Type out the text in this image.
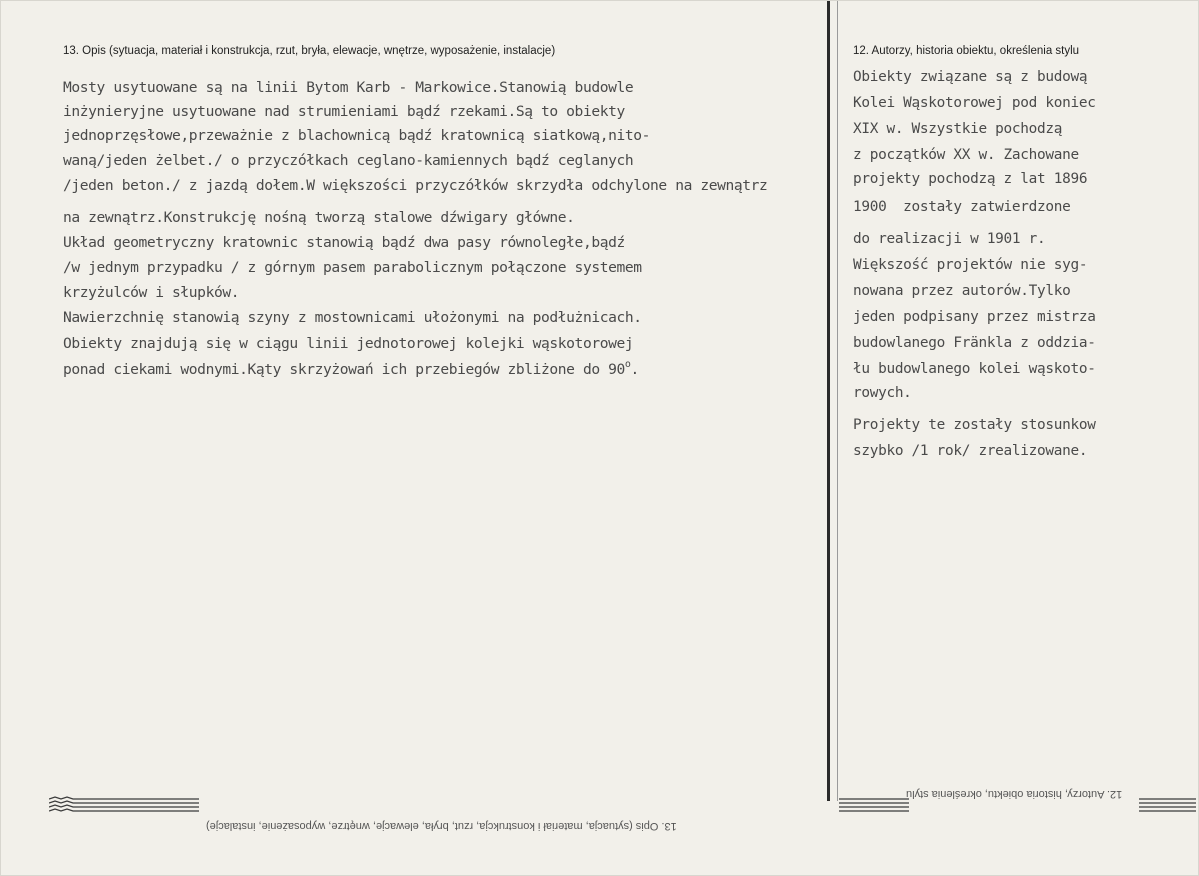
13. Opis (sytuacja, materiał i konstrukcja, rzut, bryła, elewacje, wnętrze, wyposażenie, instalacje)	12. Autorzy, historia obiektu, określenia stylu

Mosty usytuowane są na linii Bytom Karb - Markowice.Stanowią budowle

inżynieryjne usytuowane nad strumieniami bądź rzekami.Są to obiekty

jednoprzęsłowe,przeważnie z blachownicą bądź kratownicą siatkową,nito-

waną/jeden żelbet./ o przyczółkach ceglano-kamiennych bądź ceglanych

/jeden beton./ z jazdą dołem.W większości przyczółków skrzydła odchylone na zewnątrz

na zewnątrz.Konstrukcję nośną tworzą stalowe dźwigary główne.

Układ geometryczny kratownic stanowią bądź dwa pasy równoległe,bądź

/w jednym przypadku / z górnym pasem parabolicznym połączone systemem

krzyżulców i słupków.

Nawierzchnię stanowią szyny z mostownicami ułożonymi na podłużnicach.

Obiekty znajdują się w ciągu linii jednotorowej kolejki wąskotorowej

ponad ciekami wodnymi.Kąty skrzyżowań ich przebiegów zbliżone do 90$^o$.

Obiekty związane są z budową

Kolei Wąskotorowej pod koniec

XIX w. Wszystkie pochodzą

z początków XX w. Zachowane

projekty pochodzą z lat 1896

1900  zostały zatwierdzone

do realizacji w 1901 r.

Większość projektów nie syg-

nowana przez autorów.Tylko

jeden podpisany przez mistrza

budowlanego Fränkla z oddzia-

łu budowlanego kolei wąskoto-

rowych.

Projekty te zostały stosunkow

szybko /1 rok/ zrealizowane.

13. Opis (sytuacja, materiał i konstrukcja, rzut, bryła, elewacje, wnętrze, wyposażenie, instalacje)
12. Autorzy, historia obiektu, określenia stylu
